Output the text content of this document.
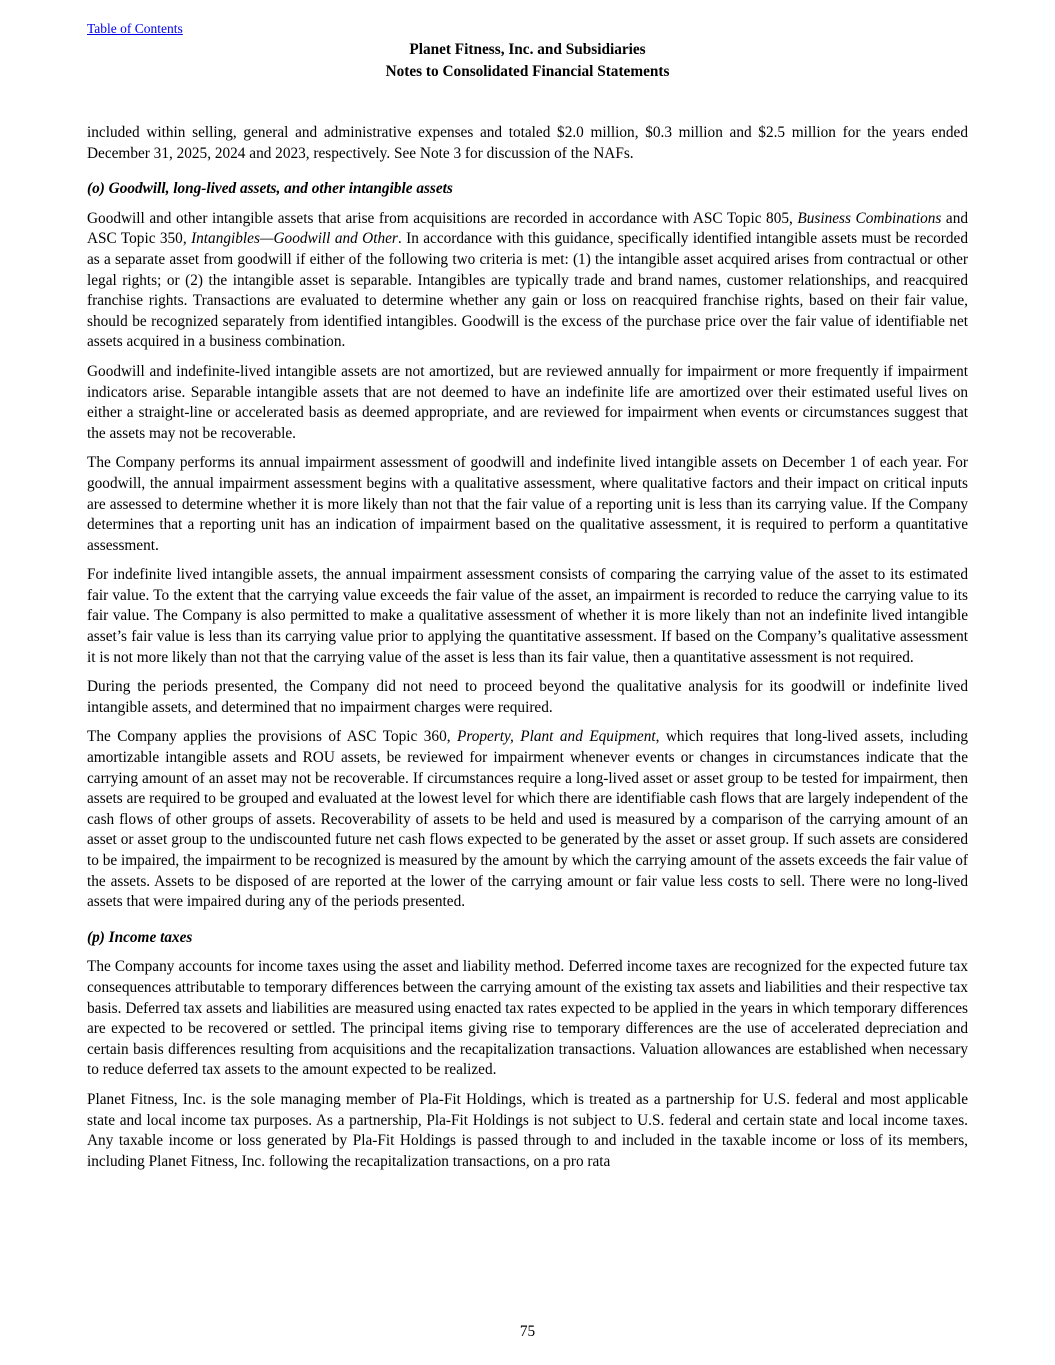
Table of Contents
Planet Fitness, Inc. and Subsidiaries
Notes to Consolidated Financial Statements

included within selling, general and administrative expenses and totaled $2.0 million, $0.3 million and $2.5 million for the years ended December 31, 2025, 2024 and 2023, respectively. See Note 3 for discussion of the NAFs.

(o) Goodwill, long-lived assets, and other intangible assets

Goodwill and other intangible assets that arise from acquisitions are recorded in accordance with ASC Topic 805, Business Combinations and ASC Topic 350, Intangibles—Goodwill and Other. In accordance with this guidance, specifically identified intangible assets must be recorded as a separate asset from goodwill if either of the following two criteria is met: (1) the intangible asset acquired arises from contractual or other legal rights; or (2) the intangible asset is separable. Intangibles are typically trade and brand names, customer relationships, and reacquired franchise rights. Transactions are evaluated to determine whether any gain or loss on reacquired franchise rights, based on their fair value, should be recognized separately from identified intangibles. Goodwill is the excess of the purchase price over the fair value of identifiable net assets acquired in a business combination.

Goodwill and indefinite-lived intangible assets are not amortized, but are reviewed annually for impairment or more frequently if impairment indicators arise. Separable intangible assets that are not deemed to have an indefinite life are amortized over their estimated useful lives on either a straight-line or accelerated basis as deemed appropriate, and are reviewed for impairment when events or circumstances suggest that the assets may not be recoverable.

The Company performs its annual impairment assessment of goodwill and indefinite lived intangible assets on December 1 of each year. For goodwill, the annual impairment assessment begins with a qualitative assessment, where qualitative factors and their impact on critical inputs are assessed to determine whether it is more likely than not that the fair value of a reporting unit is less than its carrying value. If the Company determines that a reporting unit has an indication of impairment based on the qualitative assessment, it is required to perform a quantitative assessment.

For indefinite lived intangible assets, the annual impairment assessment consists of comparing the carrying value of the asset to its estimated fair value. To the extent that the carrying value exceeds the fair value of the asset, an impairment is recorded to reduce the carrying value to its fair value. The Company is also permitted to make a qualitative assessment of whether it is more likely than not an indefinite lived intangible asset’s fair value is less than its carrying value prior to applying the quantitative assessment. If based on the Company’s qualitative assessment it is not more likely than not that the carrying value of the asset is less than its fair value, then a quantitative assessment is not required.

During the periods presented, the Company did not need to proceed beyond the qualitative analysis for its goodwill or indefinite lived intangible assets, and determined that no impairment charges were required.

The Company applies the provisions of ASC Topic 360, Property, Plant and Equipment, which requires that long-lived assets, including amortizable intangible assets and ROU assets, be reviewed for impairment whenever events or changes in circumstances indicate that the carrying amount of an asset may not be recoverable. If circumstances require a long-lived asset or asset group to be tested for impairment, then assets are required to be grouped and evaluated at the lowest level for which there are identifiable cash flows that are largely independent of the cash flows of other groups of assets. Recoverability of assets to be held and used is measured by a comparison of the carrying amount of an asset or asset group to the undiscounted future net cash flows expected to be generated by the asset or asset group. If such assets are considered to be impaired, the impairment to be recognized is measured by the amount by which the carrying amount of the assets exceeds the fair value of the assets. Assets to be disposed of are reported at the lower of the carrying amount or fair value less costs to sell. There were no long-lived assets that were impaired during any of the periods presented.

(p) Income taxes

The Company accounts for income taxes using the asset and liability method. Deferred income taxes are recognized for the expected future tax consequences attributable to temporary differences between the carrying amount of the existing tax assets and liabilities and their respective tax basis. Deferred tax assets and liabilities are measured using enacted tax rates expected to be applied in the years in which temporary differences are expected to be recovered or settled. The principal items giving rise to temporary differences are the use of accelerated depreciation and certain basis differences resulting from acquisitions and the recapitalization transactions. Valuation allowances are established when necessary to reduce deferred tax assets to the amount expected to be realized.

Planet Fitness, Inc. is the sole managing member of Pla-Fit Holdings, which is treated as a partnership for U.S. federal and most applicable state and local income tax purposes. As a partnership, Pla-Fit Holdings is not subject to U.S. federal and certain state and local income taxes. Any taxable income or loss generated by Pla-Fit Holdings is passed through to and included in the taxable income or loss of its members, including Planet Fitness, Inc. following the recapitalization transactions, on a pro rata

75
